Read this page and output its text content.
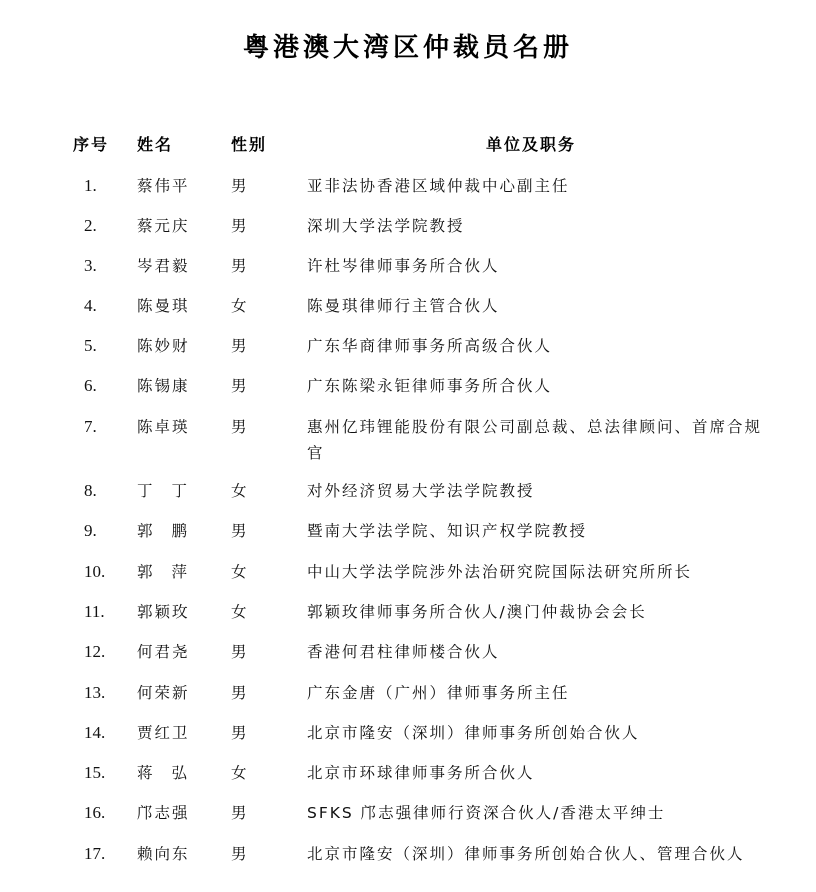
粤港澳大湾区仲裁员名册
序号 姓名	性别	单位及职务
1.	蔡伟平	男	亚非法协香港区域仲裁中心副主任
2.	蔡元庆	男	深圳大学法学院教授
3.	岑君毅	男	许杜岑律师事务所合伙人
4.	陈曼琪	女	陈曼琪律师行主管合伙人
5.	陈妙财	男	广东华商律师事务所高级合伙人
6.	陈锡康	男	广东陈梁永钜律师事务所合伙人
7.	陈卓瑛	男	惠州亿玮锂能股份有限公司副总裁、总法律顾问、首席合规官
8.	丁丁 女	对外经济贸易大学法学院教授
9.	郭鹏 男	暨南大学法学院、知识产权学院教授
10. 郭萍 女	中山大学法学院涉外法治研究院国际法研究所所长
11. 郭颖玫	女	郭颖玫律师事务所合伙人/澳门仲裁协会会长
12. 何君尧	男	香港何君柱律师楼合伙人
13. 何荣新	男	广东金唐（广州）律师事务所主任
14. 贾红卫	男	北京市隆安（深圳）律师事务所创始合伙人
15. 蒋弘 女	北京市环球律师事务所合伙人
16. 邝志强	男	SFKS 邝志强律师行资深合伙人/香港太平绅士
17. 赖向东	男	北京市隆安（深圳）律师事务所创始合伙人、管理合伙人
